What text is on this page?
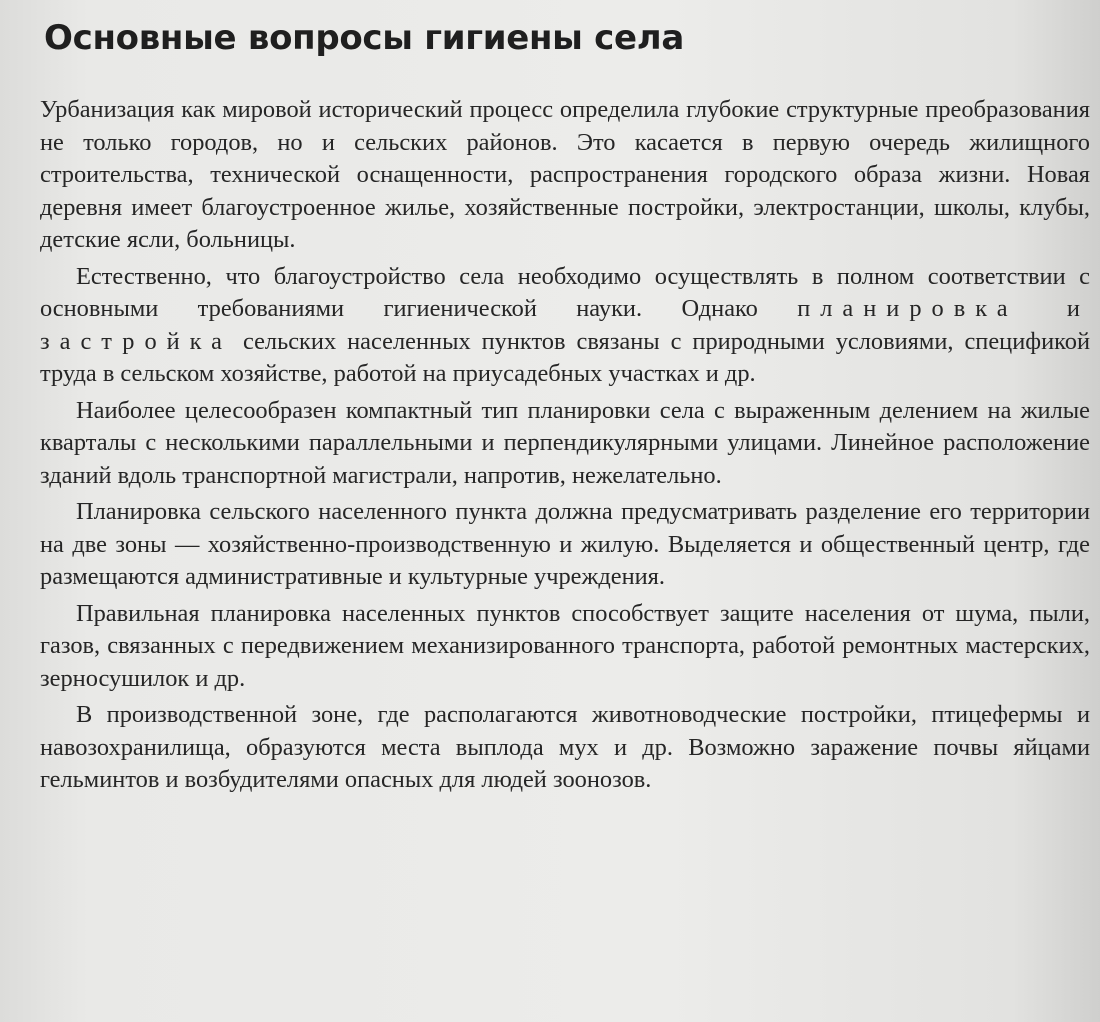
Основные вопросы гигиены села

Урбанизация как мировой исторический процесс определила глубокие структурные преобразования не только городов, но и сельских районов. Это касается в первую очередь жилищного строительства, технической оснащенности, распространения городского образа жизни. Новая деревня имеет благоустроенное жилье, хозяйственные постройки, электростанции, школы, клубы, детские ясли, больницы.

Естественно, что благоустройство села необходимо осуществлять в полном соответствии с основными требованиями гигиенической науки. Однако планировка и застройка сельских населенных пунктов связаны с природными условиями, спецификой труда в сельском хозяйстве, работой на приусадебных участках и др.

Наиболее целесообразен компактный тип планировки села с выраженным делением на жилые кварталы с несколькими параллельными и перпендикулярными улицами. Линейное расположение зданий вдоль транспортной магистрали, напротив, нежелательно.

Планировка сельского населенного пункта должна предусматривать разделение его территории на две зоны — хозяйственно-производственную и жилую. Выделяется и общественный центр, где размещаются административные и культурные учреждения.

Правильная планировка населенных пунктов способствует защите населения от шума, пыли, газов, связанных с передвижением механизированного транспорта, работой ремонтных мастерских, зерносушилок и др.

В производственной зоне, где располагаются животноводческие постройки, птицефермы и навозохранилища, образуются места выплода мух и др. Возможно заражение почвы яйцами гельминтов и возбудителями опасных для людей зоонозов.
